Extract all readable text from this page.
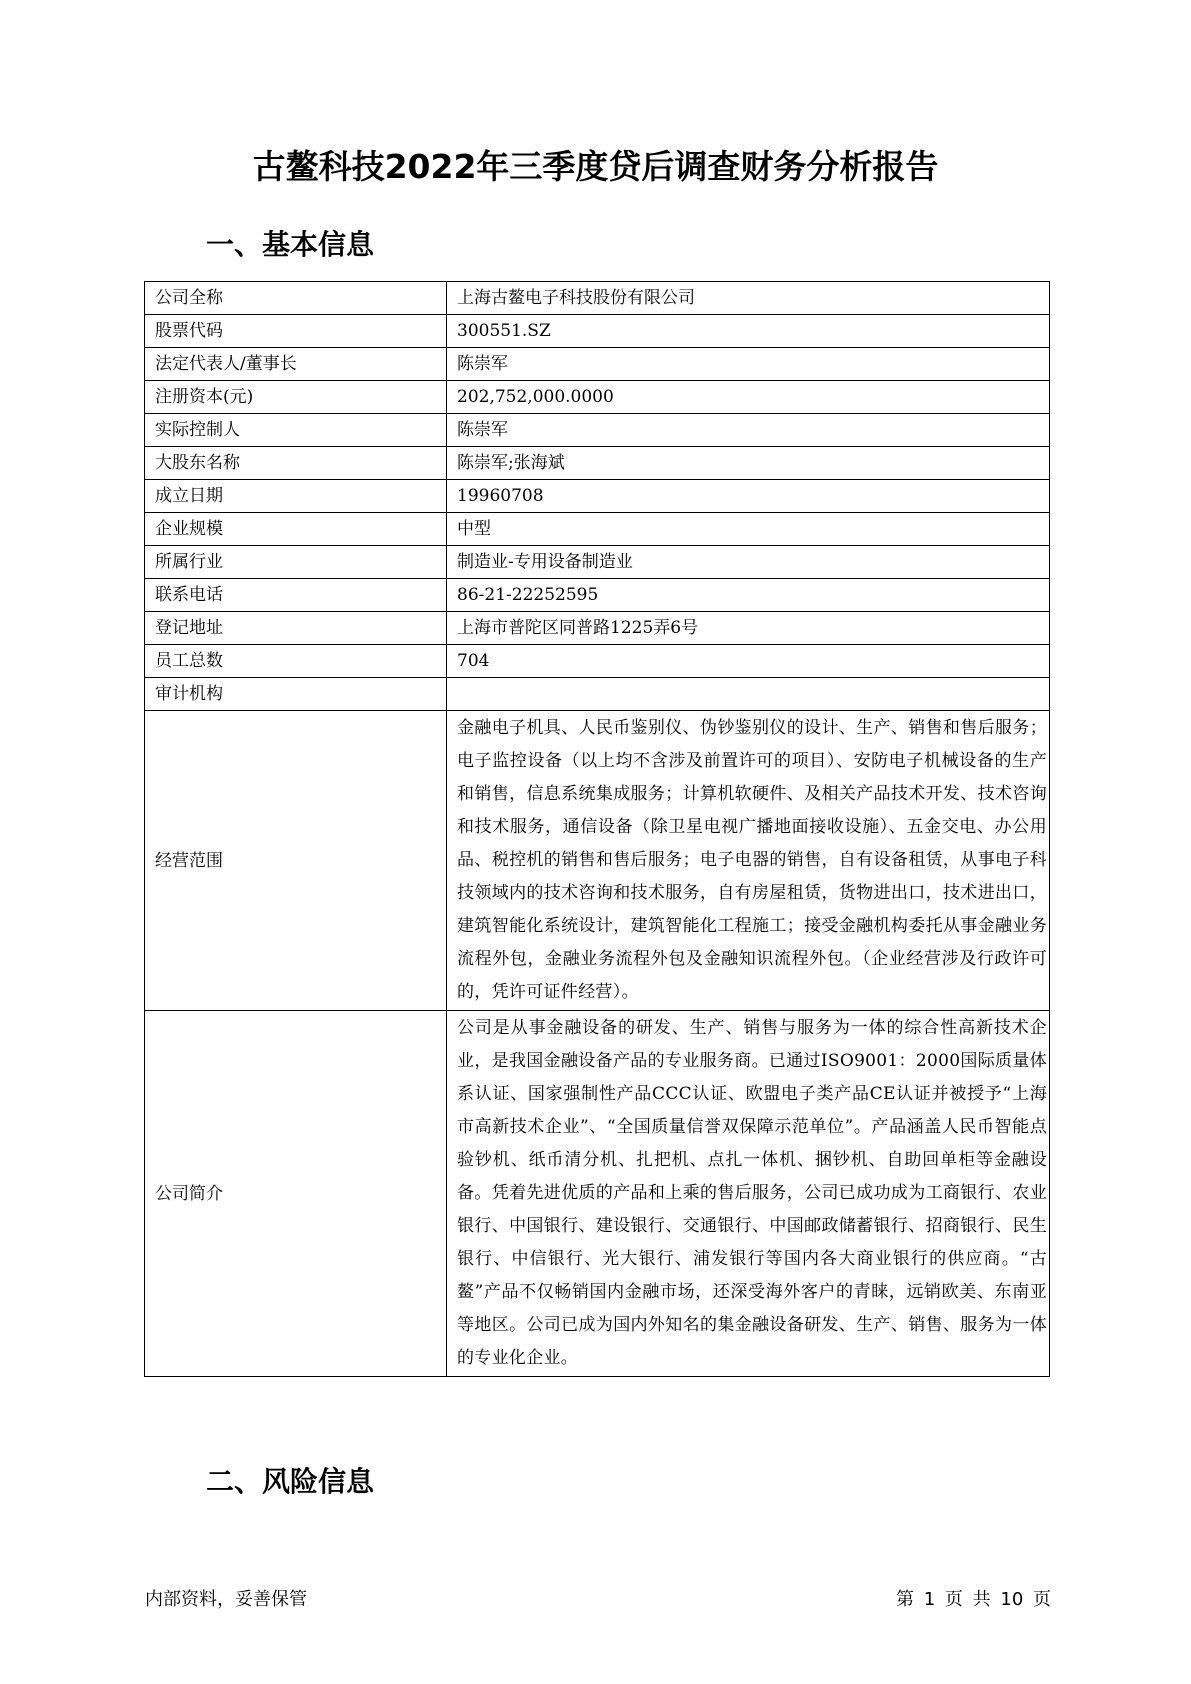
古鳌科技2022年三季度贷后调查财务分析报告
一、基本信息
公司全称	上海古鳌电子科技股份有限公司
股票代码	300551.SZ
法定代表人/董事长	陈崇军
注册资本(元)	202,752,000.0000
实际控制人	陈崇军
大股东名称	陈崇军;张海斌
成立日期	19960708
企业规模	中型
所属行业	制造业-专用设备制造业
联系电话	86-21-22252595
登记地址	上海市普陀区同普路1225弄6号
员工总数	704
审计机构	
经营范围	金融电子机具、人民币鉴别仪、伪钞鉴别仪的设计、生产、销售和售后服务；电子监控设备（以上均不含涉及前置许可的项目）、安防电子机械设备的生产和销售，信息系统集成服务；计算机软硬件、及相关产品技术开发、技术咨询和技术服务，通信设备（除卫星电视广播地面接收设施）、五金交电、办公用品、税控机的销售和售后服务；电子电器的销售，自有设备租赁，从事电子科技领域内的技术咨询和技术服务，自有房屋租赁，货物进出口，技术进出口，建筑智能化系统设计，建筑智能化工程施工；接受金融机构委托从事金融业务流程外包，金融业务流程外包及金融知识流程外包。（企业经营涉及行政许可的，凭许可证件经营）。
公司简介	公司是从事金融设备的研发、生产、销售与服务为一体的综合性高新技术企业，是我国金融设备产品的专业服务商。已通过ISO9001：2000国际质量体系认证、国家强制性产品CCC认证、欧盟电子类产品CE认证并被授予“上海市高新技术企业”、“全国质量信誉双保障示范单位”。产品涵盖人民币智能点验钞机、纸币清分机、扎把机、点扎一体机、捆钞机、自助回单柜等金融设备。凭着先进优质的产品和上乘的售后服务，公司已成功成为工商银行、农业银行、中国银行、建设银行、交通银行、中国邮政储蓄银行、招商银行、民生银行、中信银行、光大银行、浦发银行等国内各大商业银行的供应商。“古鳌”产品不仅畅销国内金融市场，还深受海外客户的青睐，远销欧美、东南亚等地区。公司已成为国内外知名的集金融设备研发、生产、销售、服务为一体的专业化企业。
二、风险信息
内部资料，妥善保管	第 1 页 共 10 页
